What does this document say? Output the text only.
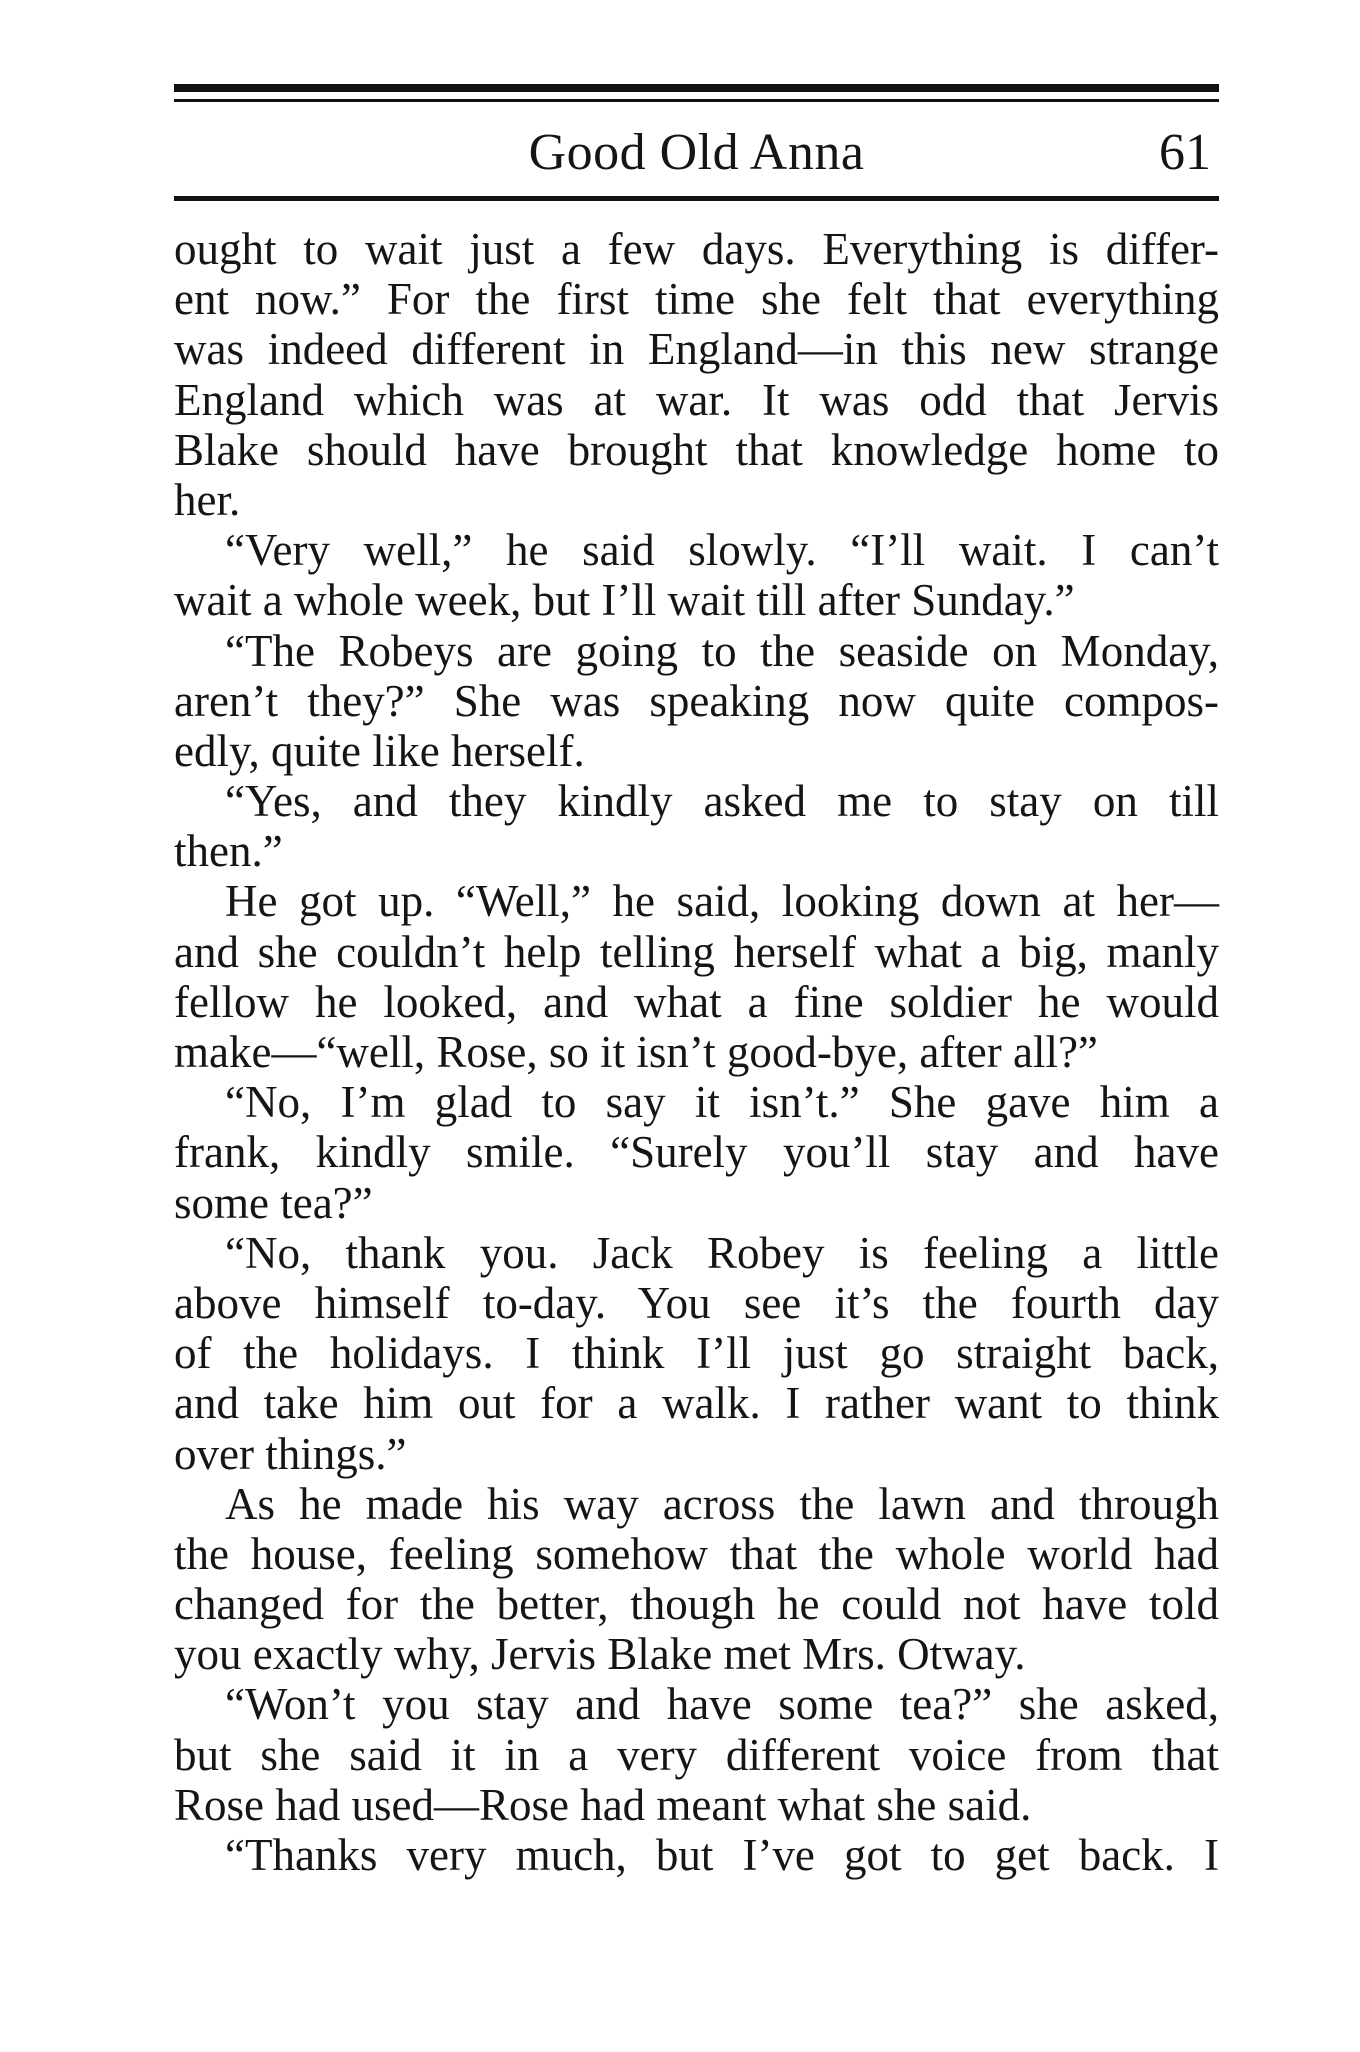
Good Old Anna	61
ought to wait just a few days. Everything is differ-
ent now.” For the first time she felt that everything
was indeed different in England—in this new strange
England which was at war. It was odd that Jervis
Blake should have brought that knowledge home to
her.
“Very well,” he said slowly. “I’ll wait. I can’t
wait a whole week, but I’ll wait till after Sunday.”
“The Robeys are going to the seaside on Monday,
aren’t they?” She was speaking now quite compos-
edly, quite like herself.
“Yes, and they kindly asked me to stay on till
then.”
He got up. “Well,” he said, looking down at her—
and she couldn’t help telling herself what a big, manly
fellow he looked, and what a fine soldier he would
make—“well, Rose, so it isn’t good-bye, after all?”
“No, I’m glad to say it isn’t.” She gave him a
frank, kindly smile. “Surely you’ll stay and have
some tea?”
“No, thank you. Jack Robey is feeling a little
above himself to-day. You see it’s the fourth day
of the holidays. I think I’ll just go straight back,
and take him out for a walk. I rather want to think
over things.”
As he made his way across the lawn and through
the house, feeling somehow that the whole world had
changed for the better, though he could not have told
you exactly why, Jervis Blake met Mrs. Otway.
“Won’t you stay and have some tea?” she asked,
but she said it in a very different voice from that
Rose had used—Rose had meant what she said.
“Thanks very much, but I’ve got to get back. I
